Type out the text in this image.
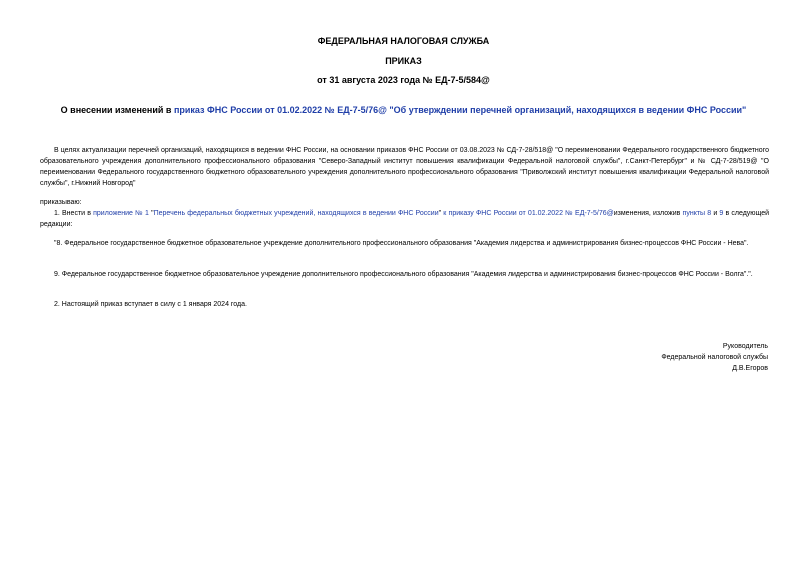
ФЕДЕРАЛЬНАЯ НАЛОГОВАЯ СЛУЖБА
ПРИКАЗ
от 31 августа 2023 года № ЕД-7-5/584@
О внесении изменений в приказ ФНС России от 01.02.2022 № ЕД-7-5/76@ "Об утверждении перечней организаций, находящихся в ведении ФНС России"
В целях актуализации перечней организаций, находящихся в ведении ФНС России, на основании приказов ФНС России от 03.08.2023 № СД-7-28/518@ "О переименовании Федерального государственного бюджетного образовательного учреждения дополнительного профессионального образования "Северо-Западный институт повышения квалификации Федеральной налоговой службы", г.Санкт-Петербург" и № СД-7-28/519@ "О переименовании Федерального государственного бюджетного образовательного учреждения дополнительного профессионального образования "Приволжский институт повышения квалификации Федеральной налоговой службы", г.Нижний Новгород"
приказываю:
1. Внести в приложение № 1 "Перечень федеральных бюджетных учреждений, находящихся в ведении ФНС России" к приказу ФНС России от 01.02.2022 № ЕД-7-5/76@изменения, изложив пункты 8 и 9 в следующей редакции:
"8. Федеральное государственное бюджетное образовательное учреждение дополнительного профессионального образования "Академия лидерства и администрирования бизнес-процессов ФНС России - Нева".
9. Федеральное государственное бюджетное образовательное учреждение дополнительного профессионального образования "Академия лидерства и администрирования бизнес-процессов ФНС России - Волга".".
2. Настоящий приказ вступает в силу с 1 января 2024 года.
Руководитель
Федеральной налоговой службы
Д.В.Егоров
